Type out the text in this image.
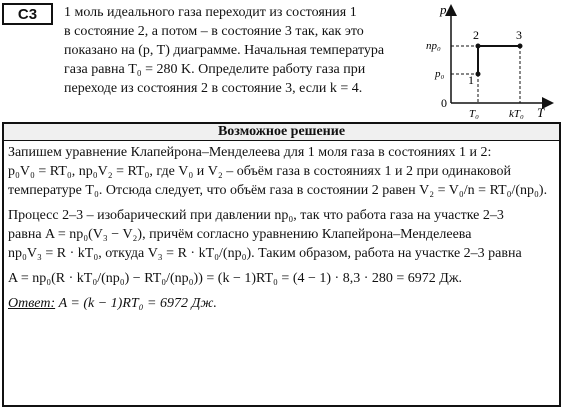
С3	1 моль идеального газа переходит из состояния 1
в состояние 2, а потом – в состояние 3 так, как это
показано на (p, T) диаграмме. Начальная температура
газа равна T₀ = 280 K. Определите работу газа при
переходе из состояния 2 в состояние 3, если k = 4.
p
T
0
np₀
p₀
T₀	kT₀
1
2	3
Возможное решение

Запишем уравнение Клапейрона–Менделеева для 1 моля газа в состояниях 1 и 2:

p₀V₀ = RT₀, np₀V₂ = RT₀, где V₀ и V₂ – объём газа в состояниях 1 и 2 при одинаковой

температуре T₀. Отсюда следует, что объём газа в состоянии 2 равен V₂ = V₀/n = RT₀/(np₀).

Процесс 2–3 – изобарический при давлении np₀, так что работа газа на участке 2–3

равна A = np₀(V₃ − V₂), причём согласно уравнению Клапейрона–Менделеева

np₀V₃ = R · kT₀, откуда V₃ = R · kT₀/(np₀). Таким образом, работа на участке 2–3 равна

A = np₀(R · kT₀/(np₀) − RT₀/(np₀)) = (k − 1)RT₀ = (4 − 1) · 8,3 · 280 = 6972 Дж.

Ответ: A = (k − 1)RT₀ = 6972 Дж.
